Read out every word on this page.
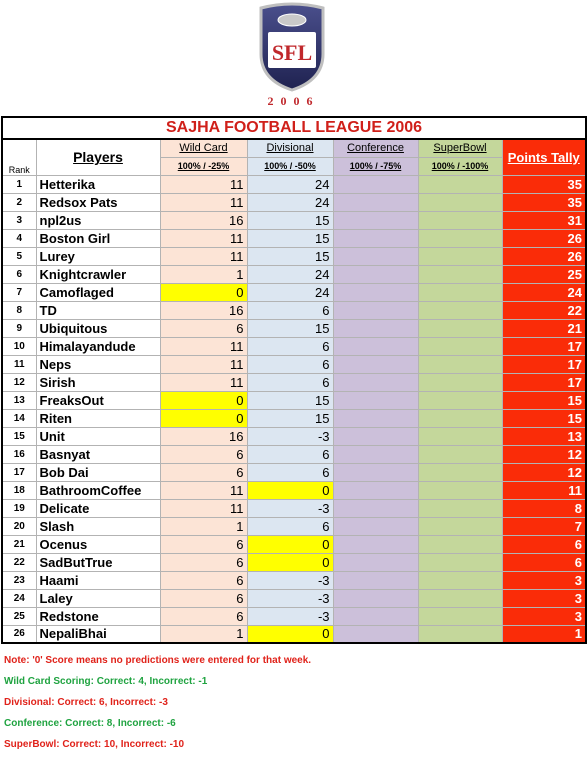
SFL
2006
SAJHA FOOTBALL LEAGUE 2006						
Rank	Players	Wild Card	Divisional	Conference	SuperBowl	Points Tally
		100% / -25%	100% / -50%	100% / -75%	100% / -100%	
1	Hetterika	11	24			35
2	Redsox Pats	11	24			35
3	npl2us	16	15			31
4	Boston Girl	11	15			26
5	Lurey	11	15			26
6	Knightcrawler	1	24			25
7	Camoflaged	0	24			24
8	TD	16	6			22
9	Ubiquitous	6	15			21
10	Himalayandude	11	6			17
11	Neps	11	6			17
12	Sirish	11	6			17
13	FreaksOut	0	15			15
14	Riten	0	15			15
15	Unit	16	-3			13
16	Basnyat	6	6			12
17	Bob Dai	6	6			12
18	BathroomCoffee	11	0			11
19	Delicate	11	-3			8
20	Slash	1	6			7
21	Ocenus	6	0			6
22	SadButTrue	6	0			6
23	Haami	6	-3			3
24	Laley	6	-3			3
25	Redstone	6	-3			3
26	NepaliBhai	1	0			1
Note: '0' Score means no predictions were entered for that week.
Wild Card Scoring: Correct: 4, Incorrect: -1
Divisional: Correct: 6, Incorrect: -3
Conference: Correct: 8, Incorrect: -6
SuperBowl: Correct: 10, Incorrect: -10
